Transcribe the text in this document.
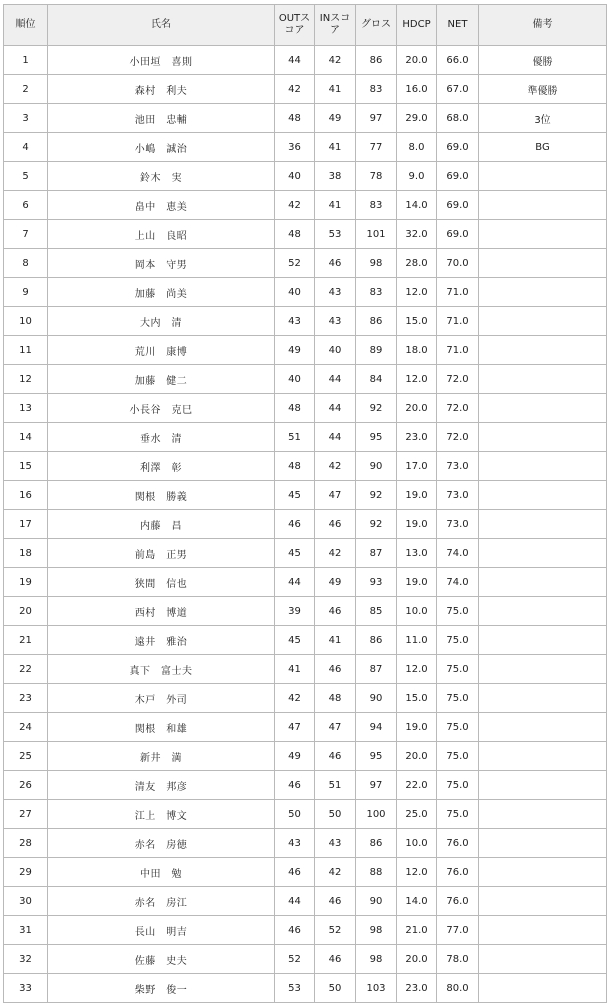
順位	氏名	OUTスコア	INスコア	グロス	HDCP	NET	備考
1	小田垣　喜則	44	42	86	20.0	66.0	優勝
2	森村　利夫	42	41	83	16.0	67.0	準優勝
3	池田　忠輔	48	49	97	29.0	68.0	3位
4	小嶋　誠治	36	41	77	8.0	69.0	BG
5	鈴木　実	40	38	78	9.0	69.0	
6	畠中　恵美	42	41	83	14.0	69.0	
7	上山　良昭	48	53	101	32.0	69.0	
8	岡本　守男	52	46	98	28.0	70.0	
9	加藤　尚美	40	43	83	12.0	71.0	
10	大内　清	43	43	86	15.0	71.0	
11	荒川　康博	49	40	89	18.0	71.0	
12	加藤　健二	40	44	84	12.0	72.0	
13	小長谷　克巳	48	44	92	20.0	72.0	
14	垂水　清	51	44	95	23.0	72.0	
15	利澤　彰	48	42	90	17.0	73.0	
16	関根　勝義	45	47	92	19.0	73.0	
17	内藤　昌	46	46	92	19.0	73.0	
18	前島　正男	45	42	87	13.0	74.0	
19	狭間　信也	44	49	93	19.0	74.0	
20	西村　博道	39	46	85	10.0	75.0	
21	遠井　雅治	45	41	86	11.0	75.0	
22	真下　富士夫	41	46	87	12.0	75.0	
23	木戸　外司	42	48	90	15.0	75.0	
24	関根　和雄	47	47	94	19.0	75.0	
25	新井　満	49	46	95	20.0	75.0	
26	清友　邦彦	46	51	97	22.0	75.0	
27	江上　博文	50	50	100	25.0	75.0	
28	赤名　房徳	43	43	86	10.0	76.0	
29	中田　勉	46	42	88	12.0	76.0	
30	赤名　房江	44	46	90	14.0	76.0	
31	長山　明吉	46	52	98	21.0	77.0	
32	佐藤　史夫	52	46	98	20.0	78.0	
33	柴野　俊一	53	50	103	23.0	80.0	
